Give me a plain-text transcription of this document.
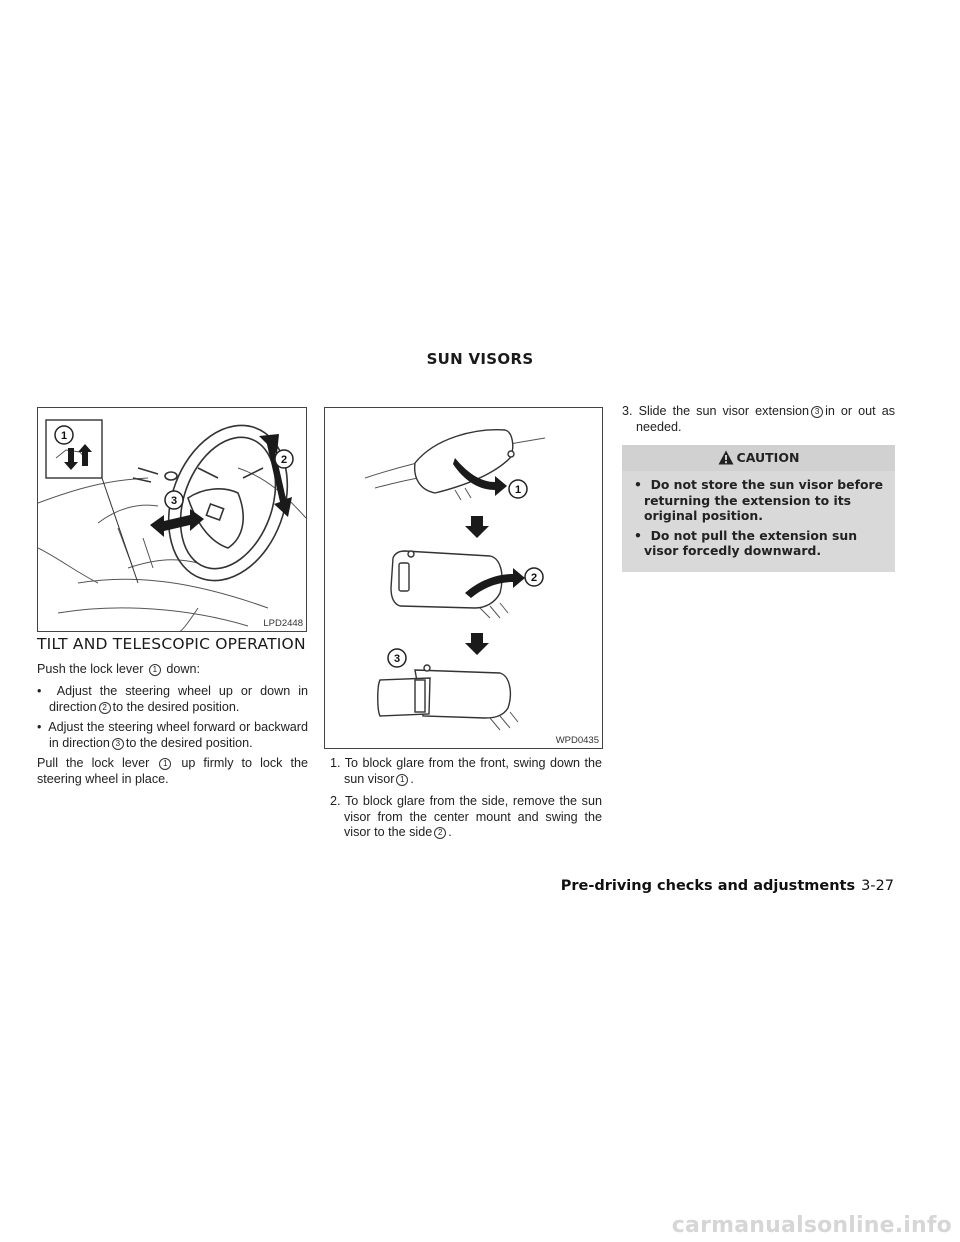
SUN VISORS
1
2
3
LPD2448
1
2
3
WPD0435
TILT AND TELESCOPIC OPERATION
Push the lock lever 1 down:
•  Adjust the steering wheel up or down in direction 2 to the desired position.
•  Adjust the steering wheel forward or backward in direction 3 to the desired position.
Pull the lock lever 1 up firmly to lock the steering wheel in place.
1. To block glare from the front, swing down the sun visor 1 .
2. To block glare from the side, remove the sun visor from the center mount and swing the visor to the side 2 .
3. Slide the sun visor extension 3 in or out as needed.
CAUTION
•  Do not store the sun visor before returning the extension to its original position.
•  Do not pull the extension sun visor forcedly downward.
Pre-driving checks and adjustments 3-27
carmanualsonline.info
